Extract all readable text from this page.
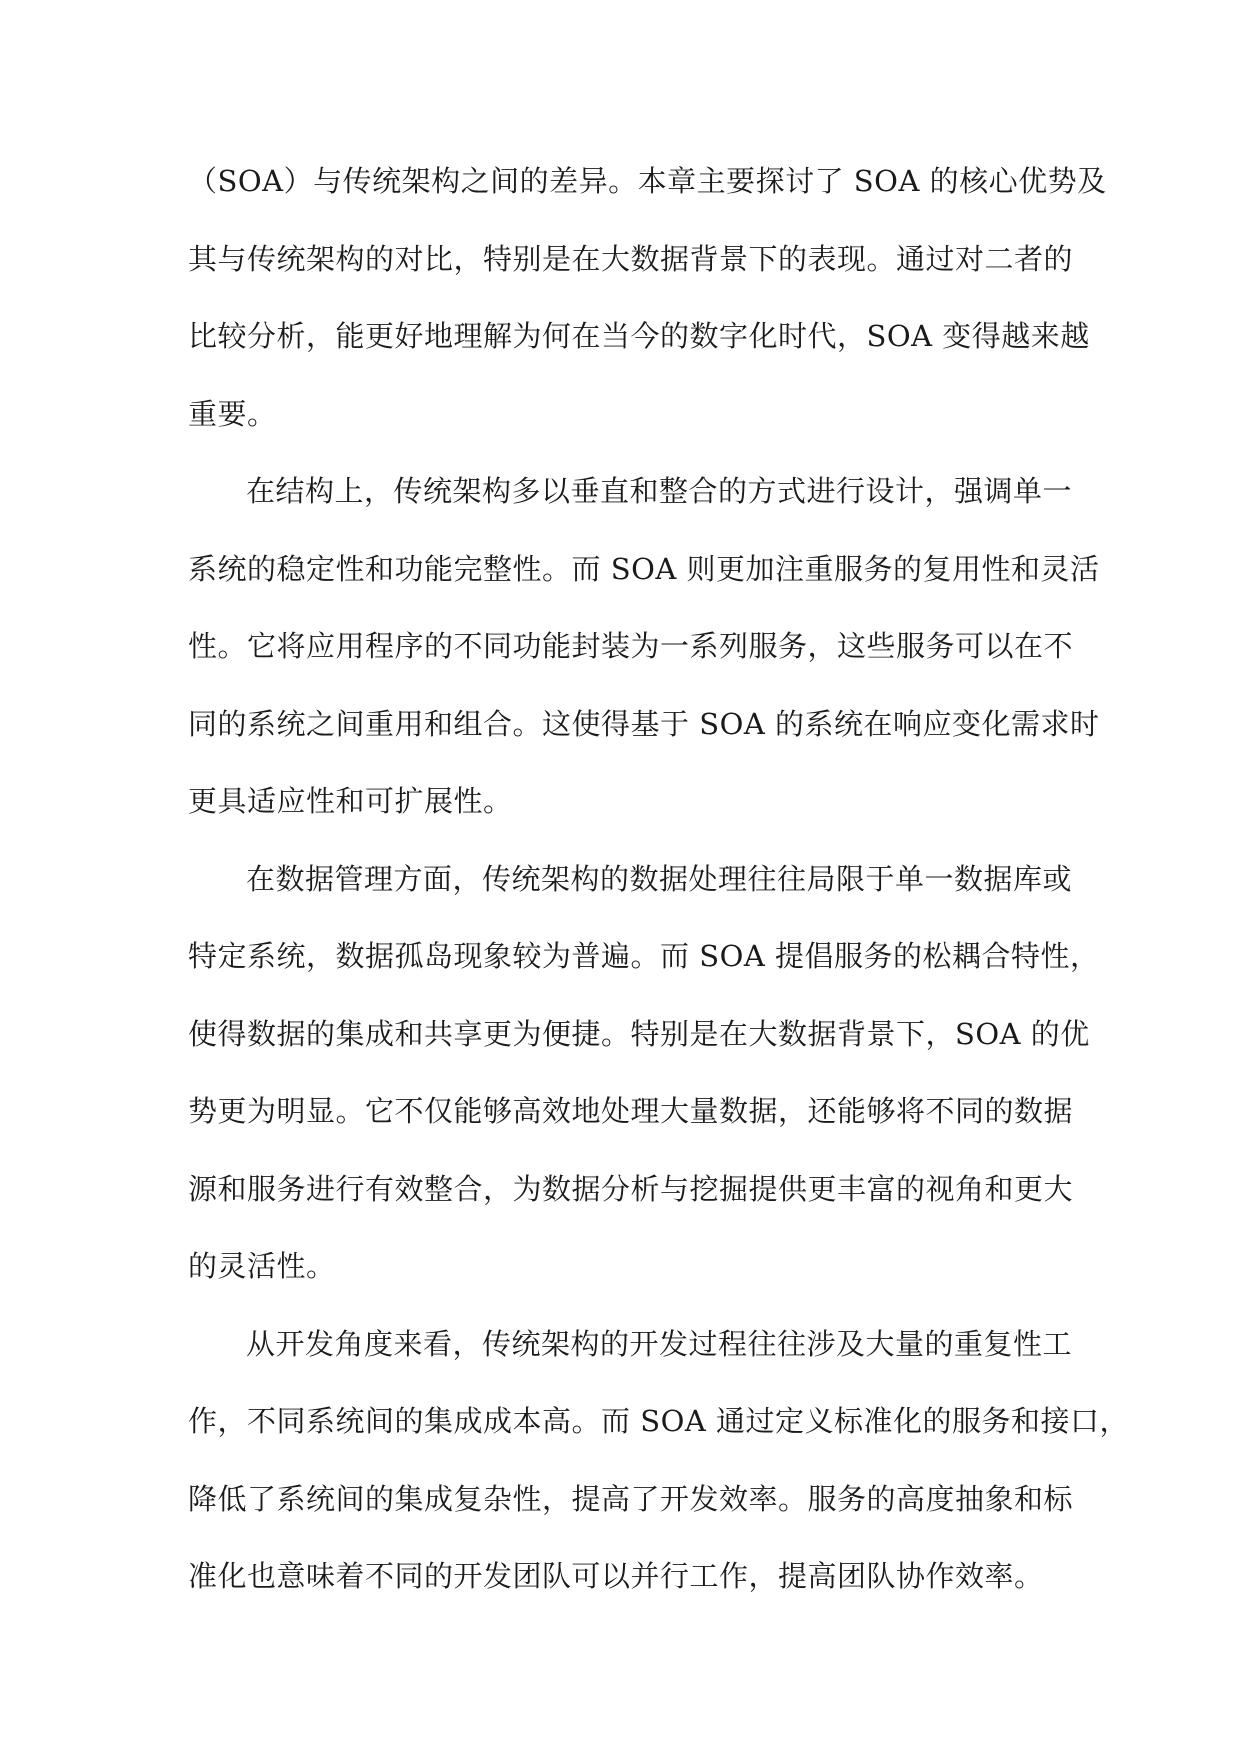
（SOA）与传统架构之间的差异。本章主要探讨了 SOA 的核心优势及
其与传统架构的对比，特别是在大数据背景下的表现。通过对二者的
比较分析，能更好地理解为何在当今的数字化时代，SOA 变得越来越
重要。
在结构上，传统架构多以垂直和整合的方式进行设计，强调单一
系统的稳定性和功能完整性。而 SOA 则更加注重服务的复用性和灵活
性。它将应用程序的不同功能封装为一系列服务，这些服务可以在不
同的系统之间重用和组合。这使得基于 SOA 的系统在响应变化需求时
更具适应性和可扩展性。
在数据管理方面，传统架构的数据处理往往局限于单一数据库或
特定系统，数据孤岛现象较为普遍。而 SOA 提倡服务的松耦合特性，
使得数据的集成和共享更为便捷。特别是在大数据背景下，SOA 的优
势更为明显。它不仅能够高效地处理大量数据，还能够将不同的数据
源和服务进行有效整合，为数据分析与挖掘提供更丰富的视角和更大
的灵活性。
从开发角度来看，传统架构的开发过程往往涉及大量的重复性工
作，不同系统间的集成成本高。而 SOA 通过定义标准化的服务和接口，
降低了系统间的集成复杂性，提高了开发效率。服务的高度抽象和标
准化也意味着不同的开发团队可以并行工作，提高团队协作效率。
